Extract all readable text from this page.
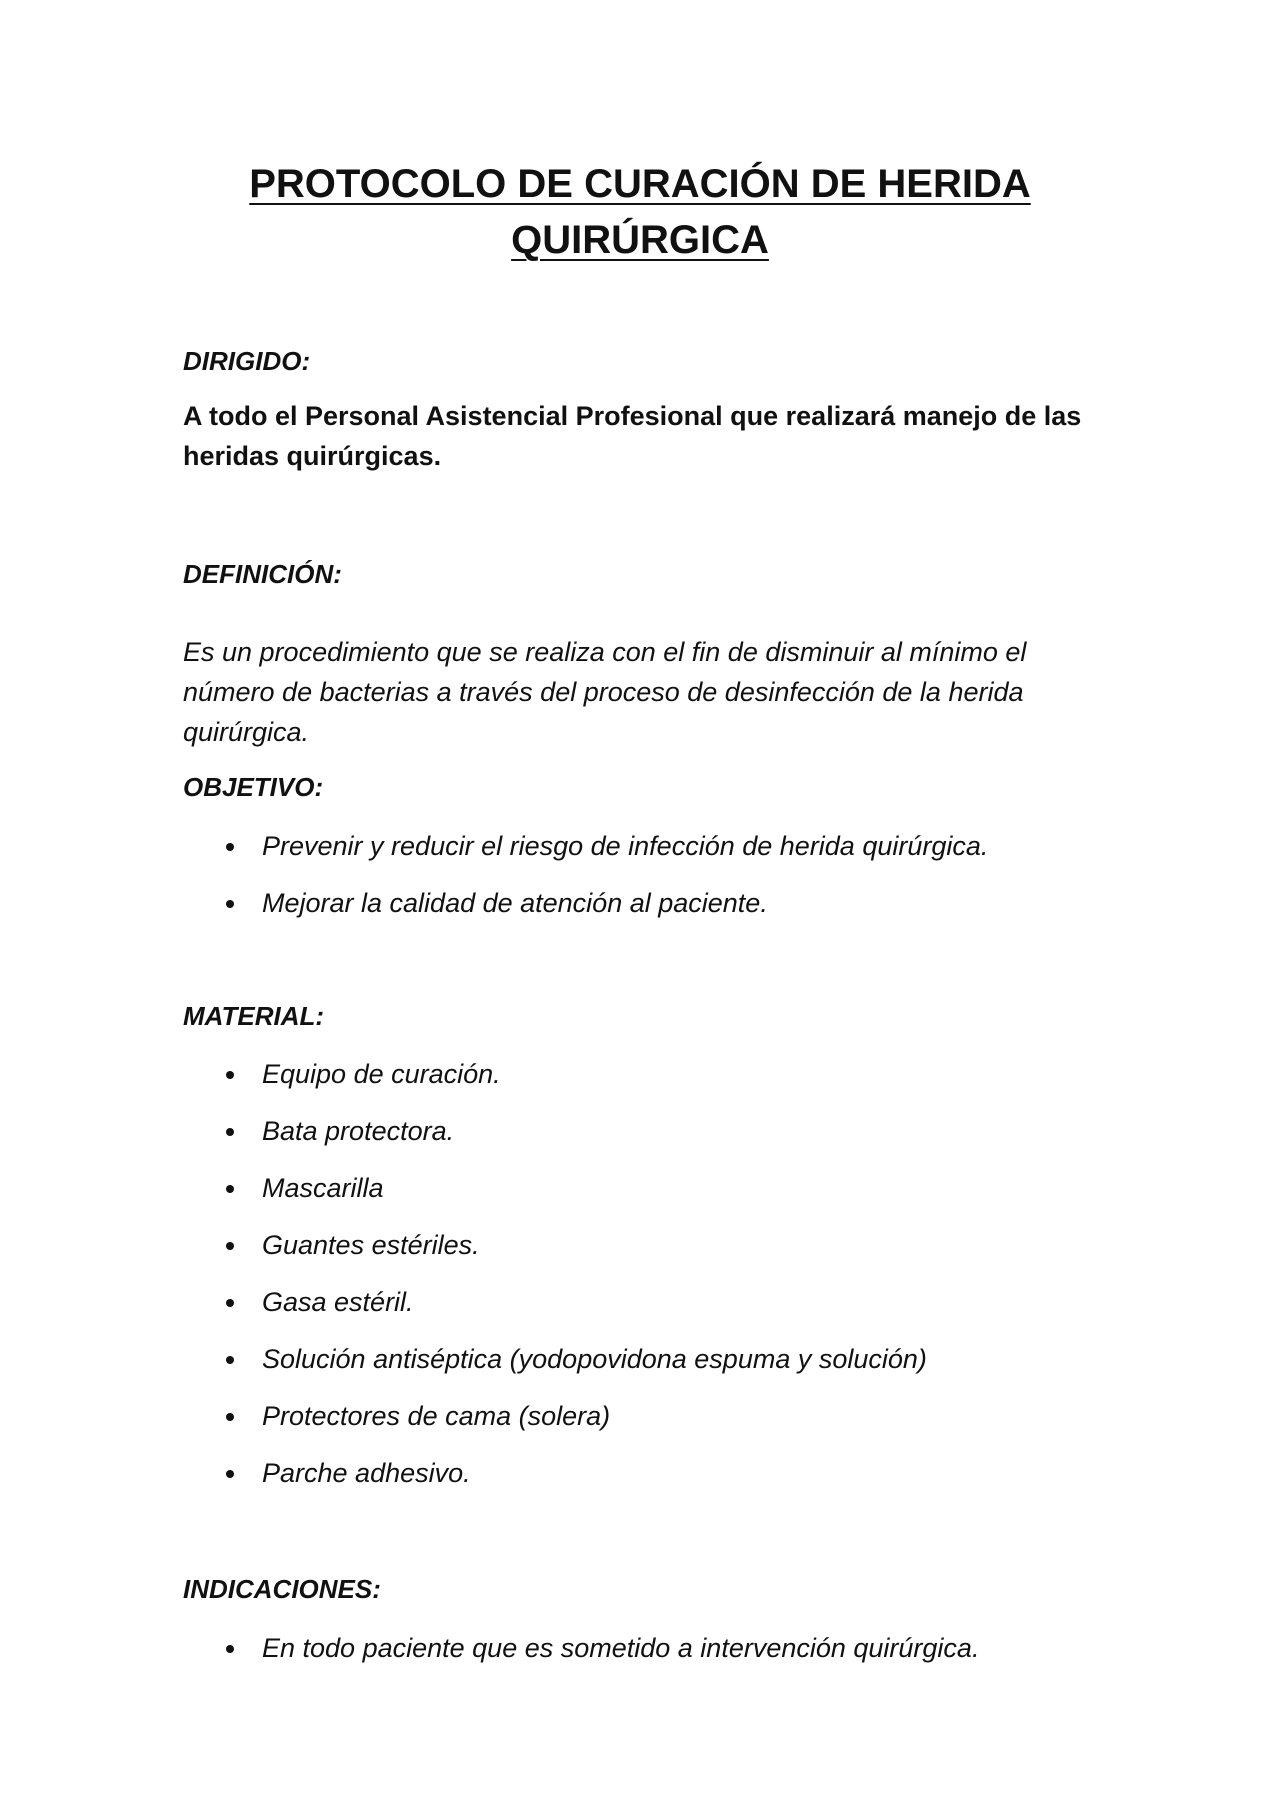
PROTOCOLO DE CURACIÓN DE HERIDA
QUIRÚRGICA
DIRIGIDO:

A todo el Personal Asistencial Profesional que realizará manejo de las heridas quirúrgicas.

DEFINICIÓN:

Es un procedimiento que se realiza con el fin de disminuir al mínimo el número de bacterias a través del proceso de desinfección de la herida quirúrgica.

OBJETIVO:
Prevenir y reducir el riesgo de infección de herida quirúrgica.
Mejorar la calidad de atención al paciente.
MATERIAL:
Equipo de curación.
Bata protectora.
Mascarilla
Guantes estériles.
Gasa estéril.
Solución antiséptica (yodopovidona espuma y solución)
Protectores de cama (solera)
Parche adhesivo.
INDICACIONES:
En todo paciente que es sometido a intervención quirúrgica.
